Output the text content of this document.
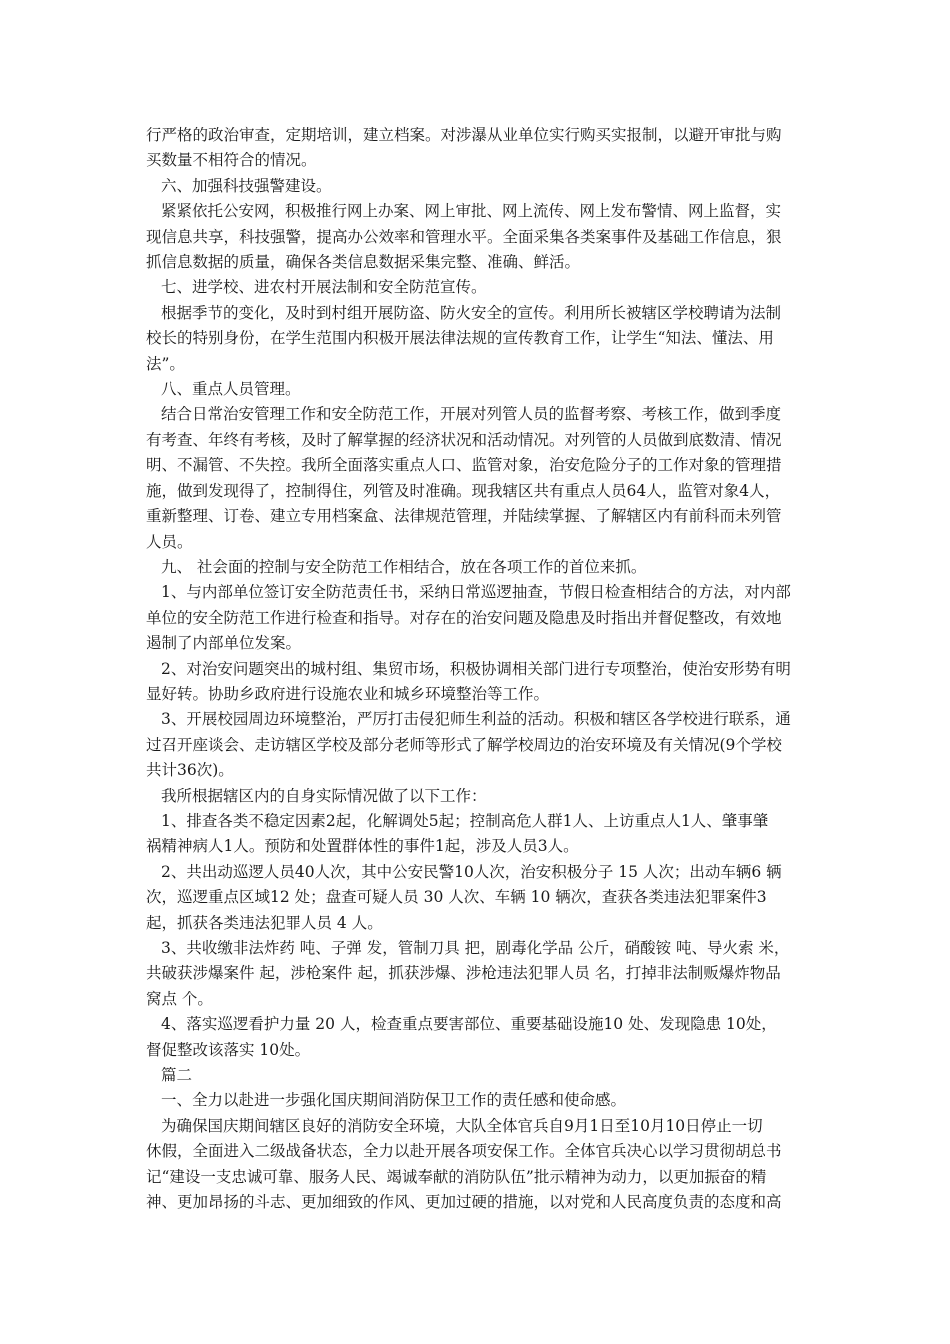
行严格的政治审查，定期培训，建立档案。对涉瀑从业单位实行购买实报制，以避开审批与购

买数量不相符合的情况。

六、加强科技强警建设。

紧紧依托公安网，积极推行网上办案、网上审批、网上流传、网上发布警情、网上监督，实

现信息共享，科技强警，提高办公效率和管理水平。全面采集各类案事件及基础工作信息，狠

抓信息数据的质量，确保各类信息数据采集完整、准确、鲜活。

七、进学校、进农村开展法制和安全防范宣传。

根据季节的变化，及时到村组开展防盗、防火安全的宣传。利用所长被辖区学校聘请为法制

校长的特别身份，在学生范围内积极开展法律法规的宣传教育工作，让学生“知法、懂法、用

法”。

八、重点人员管理。

结合日常治安管理工作和安全防范工作，开展对列管人员的监督考察、考核工作，做到季度

有考查、年终有考核，及时了解掌握的经济状况和活动情况。对列管的人员做到底数清、情况

明、不漏管、不失控。我所全面落实重点人口、监管对象，治安危险分子的工作对象的管理措

施，做到发现得了，控制得住，列管及时准确。现我辖区共有重点人员64人，监管对象4人，

重新整理、订卷、建立专用档案盒、法律规范管理，并陆续掌握、了解辖区内有前科而未列管

人员。

九、 社会面的控制与安全防范工作相结合，放在各项工作的首位来抓。

1、与内部单位签订安全防范责任书，采纳日常巡逻抽查，节假日检查相结合的方法，对内部

单位的安全防范工作进行检查和指导。对存在的治安问题及隐患及时指出并督促整改，有效地

遏制了内部单位发案。

2、对治安问题突出的城村组、集贸市场，积极协调相关部门进行专项整治，使治安形势有明

显好转。协助乡政府进行设施农业和城乡环境整治等工作。

3、开展校园周边环境整治，严厉打击侵犯师生利益的活动。积极和辖区各学校进行联系，通

过召开座谈会、走访辖区学校及部分老师等形式了解学校周边的治安环境及有关情况(9个学校

共计36次)。

我所根据辖区内的自身实际情况做了以下工作：

1、排查各类不稳定因素2起，化解调处5起；控制高危人群1人、上访重点人1人、肇事肇

祸精神病人1人。预防和处置群体性的事件1起，涉及人员3人。

2、共出动巡逻人员40人次，其中公安民警10人次，治安积极分子 15 人次；出动车辆6 辆

次，巡逻重点区域12 处；盘查可疑人员 30 人次、车辆 10 辆次，查获各类违法犯罪案件3

起，抓获各类违法犯罪人员 4 人。

3、共收缴非法炸药 吨、子弹 发，管制刀具 把，剧毒化学品 公斤，硝酸铵 吨、导火索 米，

共破获涉爆案件 起，涉枪案件 起，抓获涉爆、涉枪违法犯罪人员 名，打掉非法制贩爆炸物品

窝点 个。

4、落实巡逻看护力量 20 人，检查重点要害部位、重要基础设施10 处、发现隐患 10处，

督促整改该落实 10处。

篇二

一、全力以赴进一步强化国庆期间消防保卫工作的责任感和使命感。

为确保国庆期间辖区良好的消防安全环境，大队全体官兵自9月1日至10月10日停止一切

休假，全面进入二级战备状态，全力以赴开展各项安保工作。全体官兵决心以学习贯彻胡总书

记“建设一支忠诚可靠、服务人民、竭诚奉献的消防队伍”批示精神为动力，以更加振奋的精

神、更加昂扬的斗志、更加细致的作风、更加过硬的措施，以对党和人民高度负责的态度和高
